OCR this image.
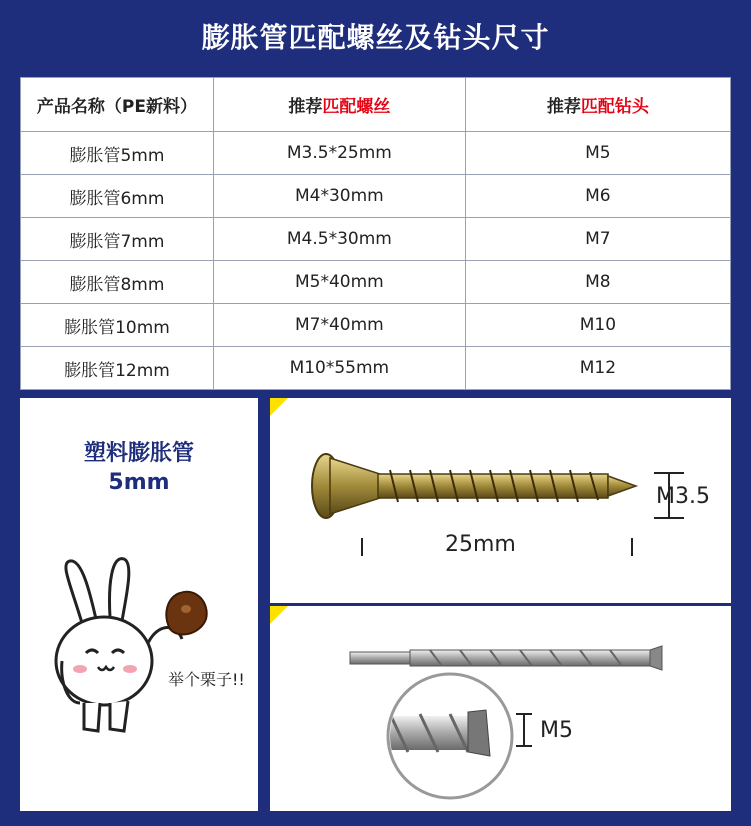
膨胀管匹配螺丝及钻头尺寸
产品名称（PE新料）	推荐匹配螺丝	推荐匹配钻头
膨胀管5mm	M3.5*25mm	M5
膨胀管6mm	M4*30mm	M6
膨胀管7mm	M4.5*30mm	M7
膨胀管8mm	M5*40mm	M8
膨胀管10mm	M7*40mm	M10
膨胀管12mm	M10*55mm	M12
塑料膨胀管
5mm
举个栗子!!
M3.5
25mm
M5
